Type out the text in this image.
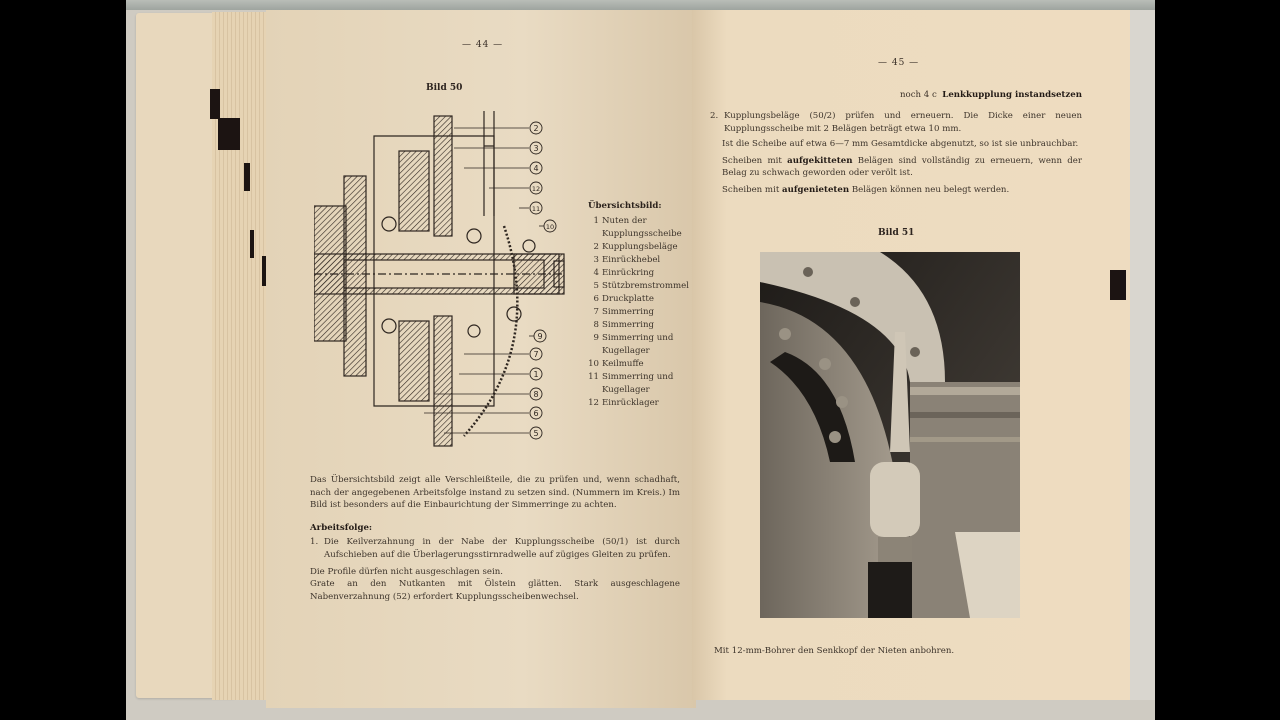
— 44 —
Bild 50
2
3
4
12
11
10
9
7
1
8
6
5
Übersichtsbild:
1 Nuten der Kupplungsscheibe
2 Kupplungsbeläge
3 Einrückhebel
4 Einrückring
5 Stützbremstrommel
6 Druckplatte
7 Simmerring
8 Simmerring
9 Simmerring und Kugellager
10 Keilmuffe
11 Simmerring und Kugellager
12 Einrücklager

Das Übersichtsbild zeigt alle Verschleißteile, die zu prüfen und, wenn schadhaft, nach der angegebenen Arbeitsfolge instand zu setzen sind. (Nummern im Kreis.) Im Bild ist besonders auf die Einbaurichtung der Simmerringe zu achten.

Arbeitsfolge:

1. Die Keilverzahnung in der Nabe der Kupplungsscheibe (50/1) ist durch Aufschieben auf die Überlagerungsstirnradwelle auf zügiges Gleiten zu prüfen.

Die Profile dürfen nicht ausgeschlagen sein.

Grate an den Nutkanten mit Ölstein glätten. Stark ausgeschlagene Nabenverzahnung (52) erfordert Kupplungsscheibenwechsel.

— 45 —
noch 4 c Lenkkupplung instandsetzen
2. Kupplungsbeläge (50/2) prüfen und erneuern. Die Dicke einer neuen Kupplungsscheibe mit 2 Belägen beträgt etwa 10 mm.

Ist die Scheibe auf etwa 6—7 mm Gesamtdicke abgenutzt, so ist sie unbrauchbar.

Scheiben mit aufgekitteten Belägen sind vollständig zu erneuern, wenn der Belag zu schwach geworden oder verölt ist.

Scheiben mit aufgenieteten Belägen können neu belegt werden.

Bild 51
Mit 12-mm-Bohrer den Senkkopf der Nieten anbohren.
